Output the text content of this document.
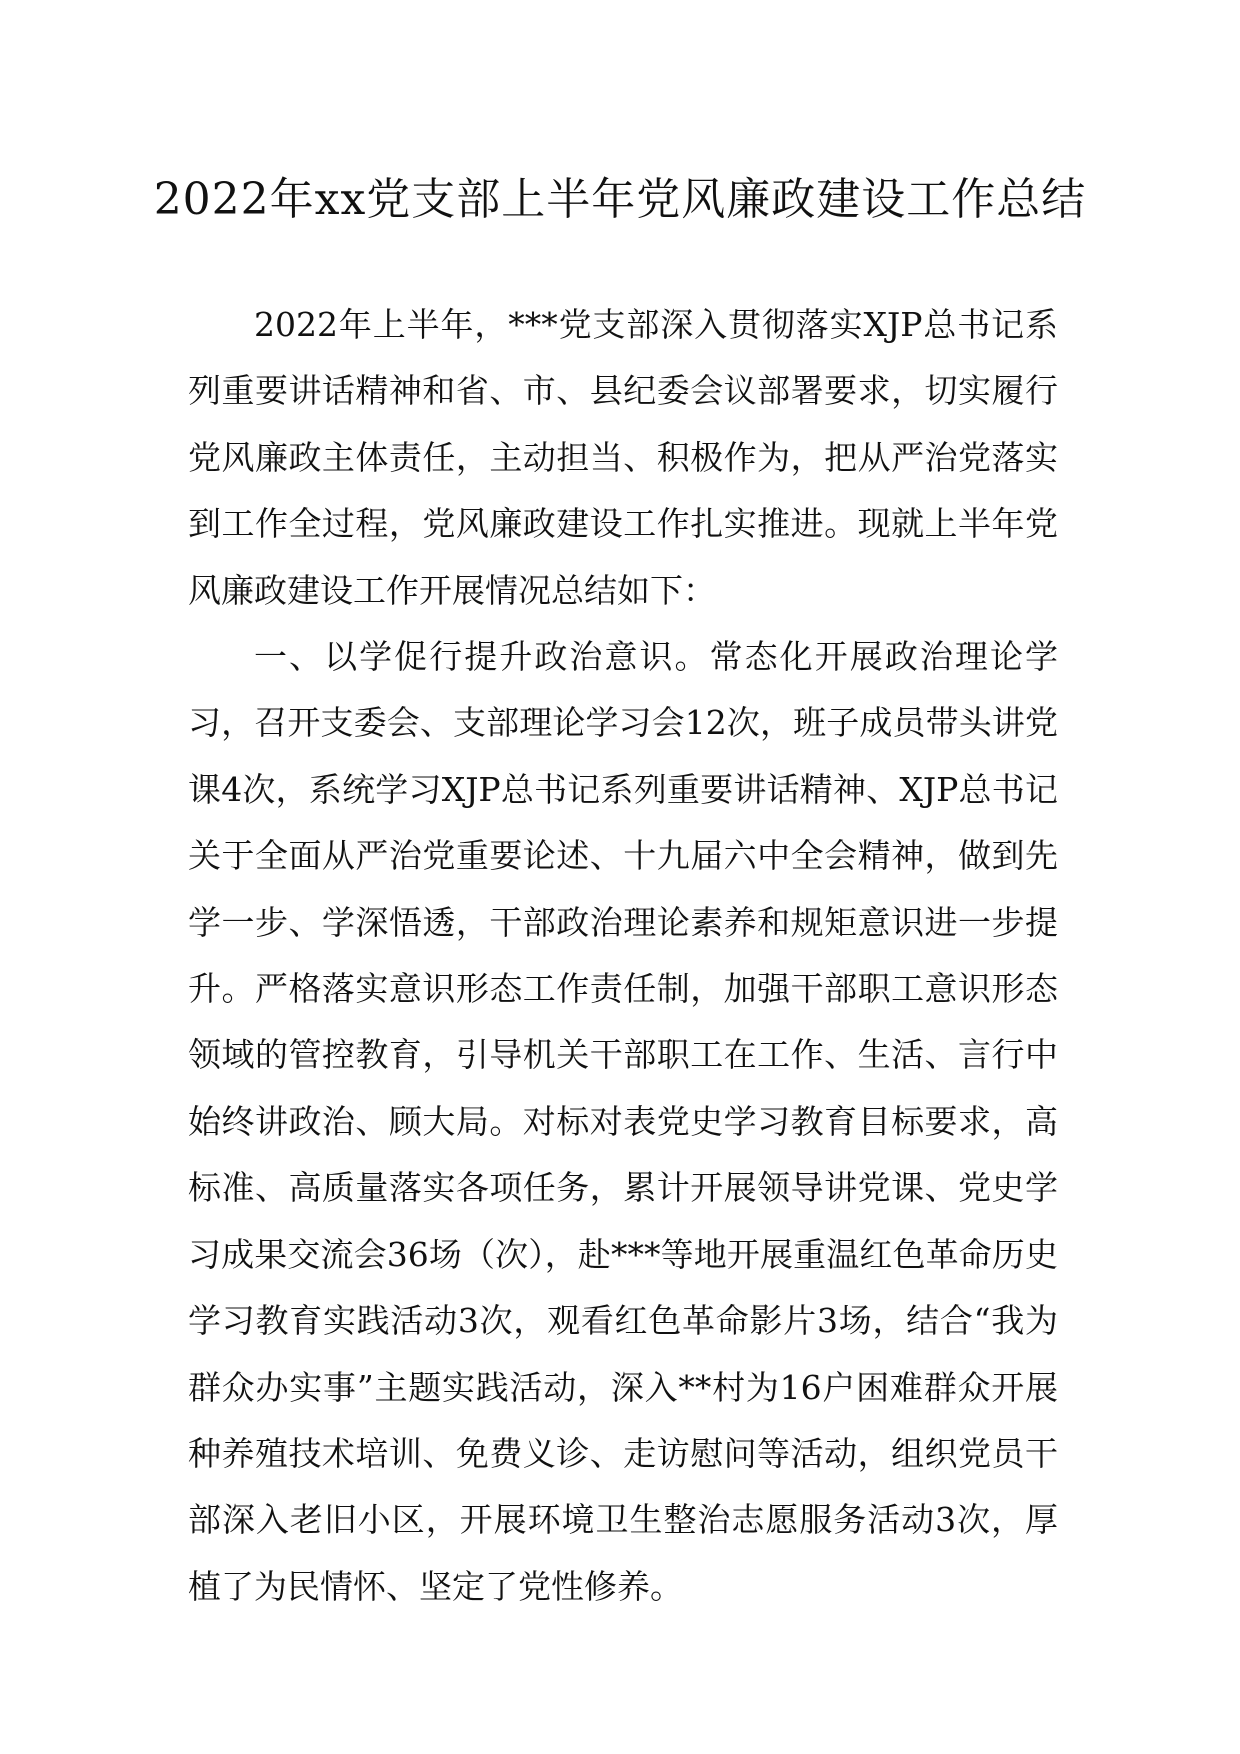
2022年xx党支部上半年党风廉政建设工作总结

2022年上半年，***党支部深入贯彻落实XJP总书记系列重要讲话精神和省、市、县纪委会议部署要求，切实履行党风廉政主体责任，主动担当、积极作为，把从严治党落实到工作全过程，党风廉政建设工作扎实推进。现就上半年党风廉政建设工作开展情况总结如下：

一、以学促行提升政治意识。常态化开展政治理论学习，召开支委会、支部理论学习会12次，班子成员带头讲党课4次，系统学习XJP总书记系列重要讲话精神、XJP总书记关于全面从严治党重要论述、十九届六中全会精神，做到先学一步、学深悟透，干部政治理论素养和规矩意识进一步提升。严格落实意识形态工作责任制，加强干部职工意识形态领域的管控教育，引导机关干部职工在工作、生活、言行中始终讲政治、顾大局。对标对表党史学习教育目标要求，高标准、高质量落实各项任务，累计开展领导讲党课、党史学习成果交流会36场（次），赴***等地开展重温红色革命历史学习教育实践活动3次，观看红色革命影片3场，结合“我为群众办实事”主题实践活动，深入**村为16户困难群众开展种养殖技术培训、免费义诊、走访慰问等活动，组织党员干部深入老旧小区，开展环境卫生整治志愿服务活动3次，厚植了为民情怀、坚定了党性修养。
